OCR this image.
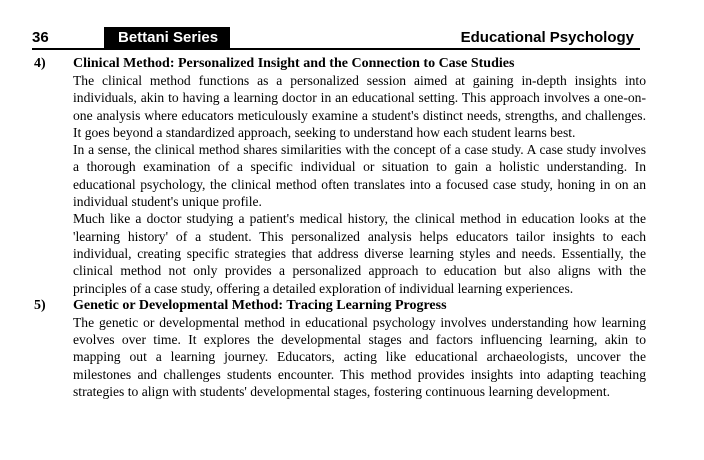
36	Bettani Series	Educational Psychology
4) Clinical Method: Personalized Insight and the Connection to Case Studies

The clinical method functions as a personalized session aimed at gaining in-depth insights into individuals, akin to having a learning doctor in an educational setting. This approach involves a one-on-one analysis where educators meticulously examine a student's distinct needs, strengths, and challenges. It goes beyond a standardized approach, seeking to understand how each student learns best.

In a sense, the clinical method shares similarities with the concept of a case study. A case study involves a thorough examination of a specific individual or situation to gain a holistic understanding. In educational psychology, the clinical method often translates into a focused case study, honing in on an individual student's unique profile.

Much like a doctor studying a patient's medical history, the clinical method in education looks at the 'learning history' of a student. This personalized analysis helps educators tailor insights to each individual, creating specific strategies that address diverse learning styles and needs. Essentially, the clinical method not only provides a personalized approach to education but also aligns with the principles of a case study, offering a detailed exploration of individual learning experiences.

5) Genetic or Developmental Method: Tracing Learning Progress

The genetic or developmental method in educational psychology involves understanding how learning evolves over time. It explores the developmental stages and factors influencing learning, akin to mapping out a learning journey. Educators, acting like educational archaeologists, uncover the milestones and challenges students encounter. This method provides insights into adapting teaching strategies to align with students' developmental stages, fostering continuous learning development.
